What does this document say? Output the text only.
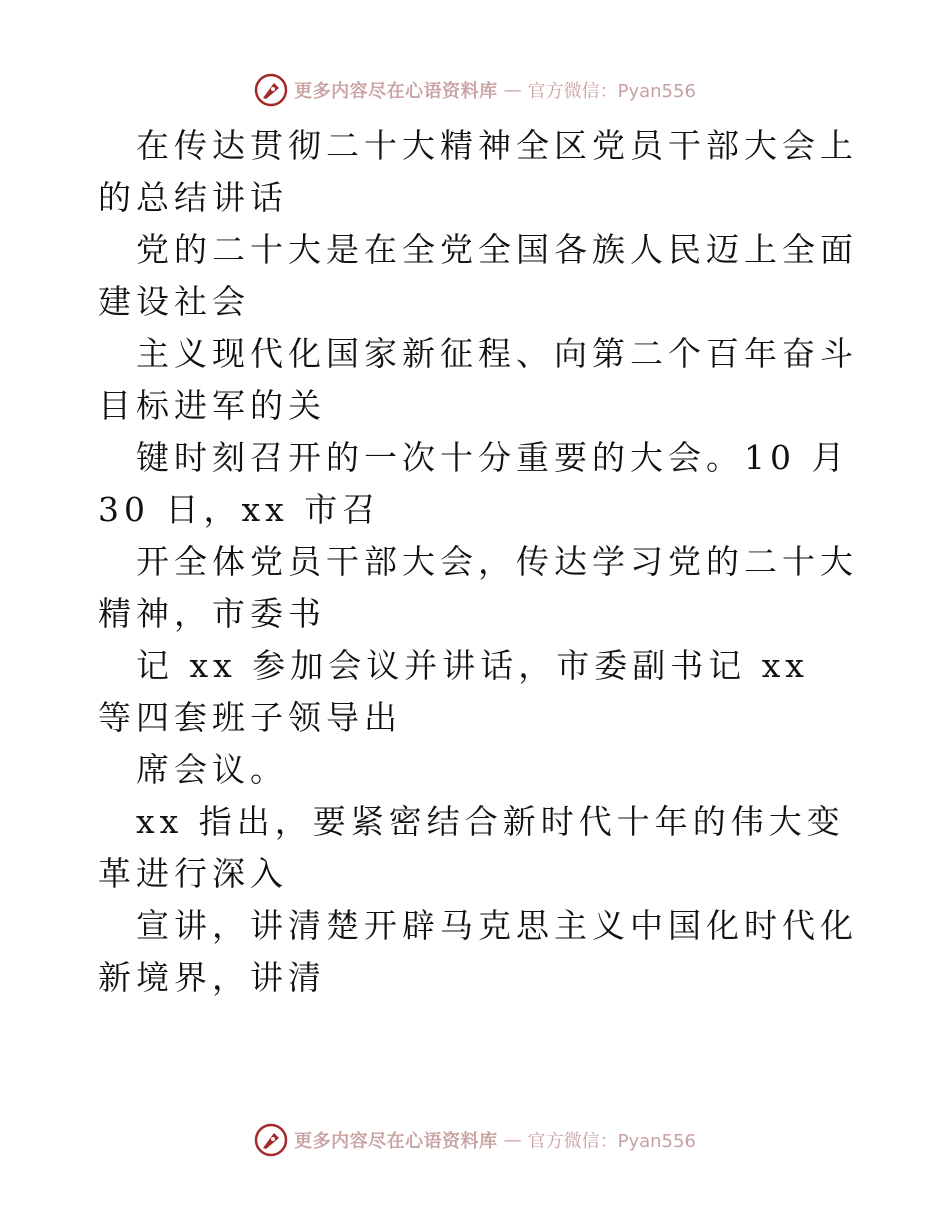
更多内容尽在心语资料库 — 官方微信：Pyan556

在传达贯彻二十大精神全区党员干部大会上的总结讲话

党的二十大是在全党全国各族人民迈上全面建设社会

主义现代化国家新征程、向第二个百年奋斗目标进军的关

键时刻召开的一次十分重要的大会。10 月 30 日，xx 市召

开全体党员干部大会，传达学习党的二十大精神，市委书

记 xx 参加会议并讲话，市委副书记 xx 等四套班子领导出

席会议。

xx 指出，要紧密结合新时代十年的伟大变革进行深入

宣讲，讲清楚开辟马克思主义中国化时代化新境界，讲清

更多内容尽在心语资料库 — 官方微信：Pyan556
